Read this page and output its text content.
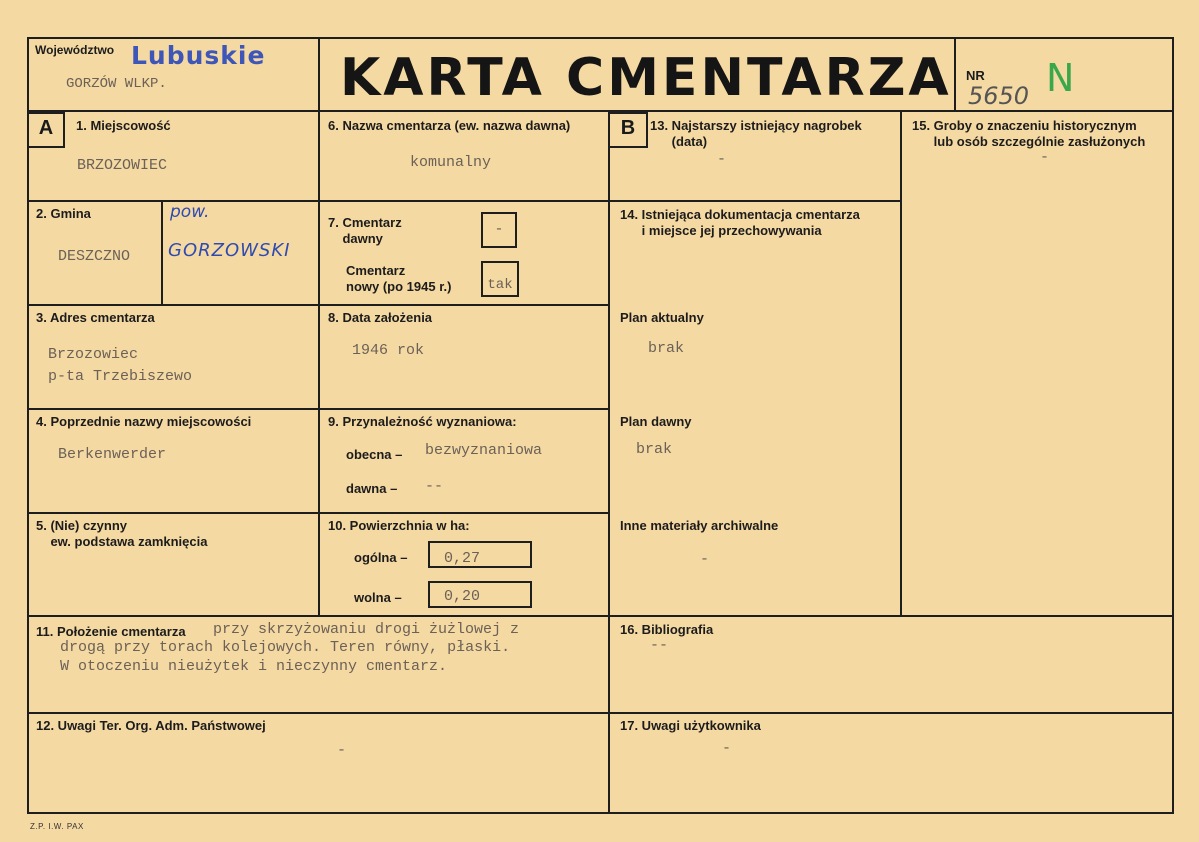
Województwo Lubuskie
GORZÓW WLKP.	KARTA CMENTARZA NR
5650 N
A	B
1. Miejscowość
BRZOZOWIEC
6. Nazwa cmentarza (ew. nazwa dawna)
komunalny
13. Najstarszy istniejący nagrobek
(data)
-
15. Groby o znaczeniu historycznym
lub osób szczególnie zasłużonych
-
2. Gmina
DESZCZNO
pow.
GORZOWSKI
7. Cmentarz
dawny
-
Cmentarz
nowy (po 1945 r.)	tak
14. Istniejąca dokumentacja cmentarza
i miejsce jej przechowywania
3. Adres cmentarza
Brzozowiec
p-ta Trzebiszewo
8. Data założenia
1946 rok
Plan aktualny
brak
4. Poprzednie nazwy miejscowości
Berkenwerder
9. Przynależność wyznaniowa:
obecna – bezwyznaniowa
dawna – --
Plan dawny
brak
5. (Nie) czynny
ew. podstawa zamknięcia
10. Powierzchnia w ha:
ogólna –	0,27
wolna –	0,20
Inne materiały archiwalne
-
11. Położenie cmentarza przy skrzyżowaniu drogi żużlowej z
drogą przy torach kolejowych. Teren równy, płaski.
W otoczeniu nieużytek i nieczynny cmentarz.
16. Bibliografia
--
12. Uwagi Ter. Org. Adm. Państwowej
-
17. Uwagi użytkownika
-
Z.P. I.W. PAX
